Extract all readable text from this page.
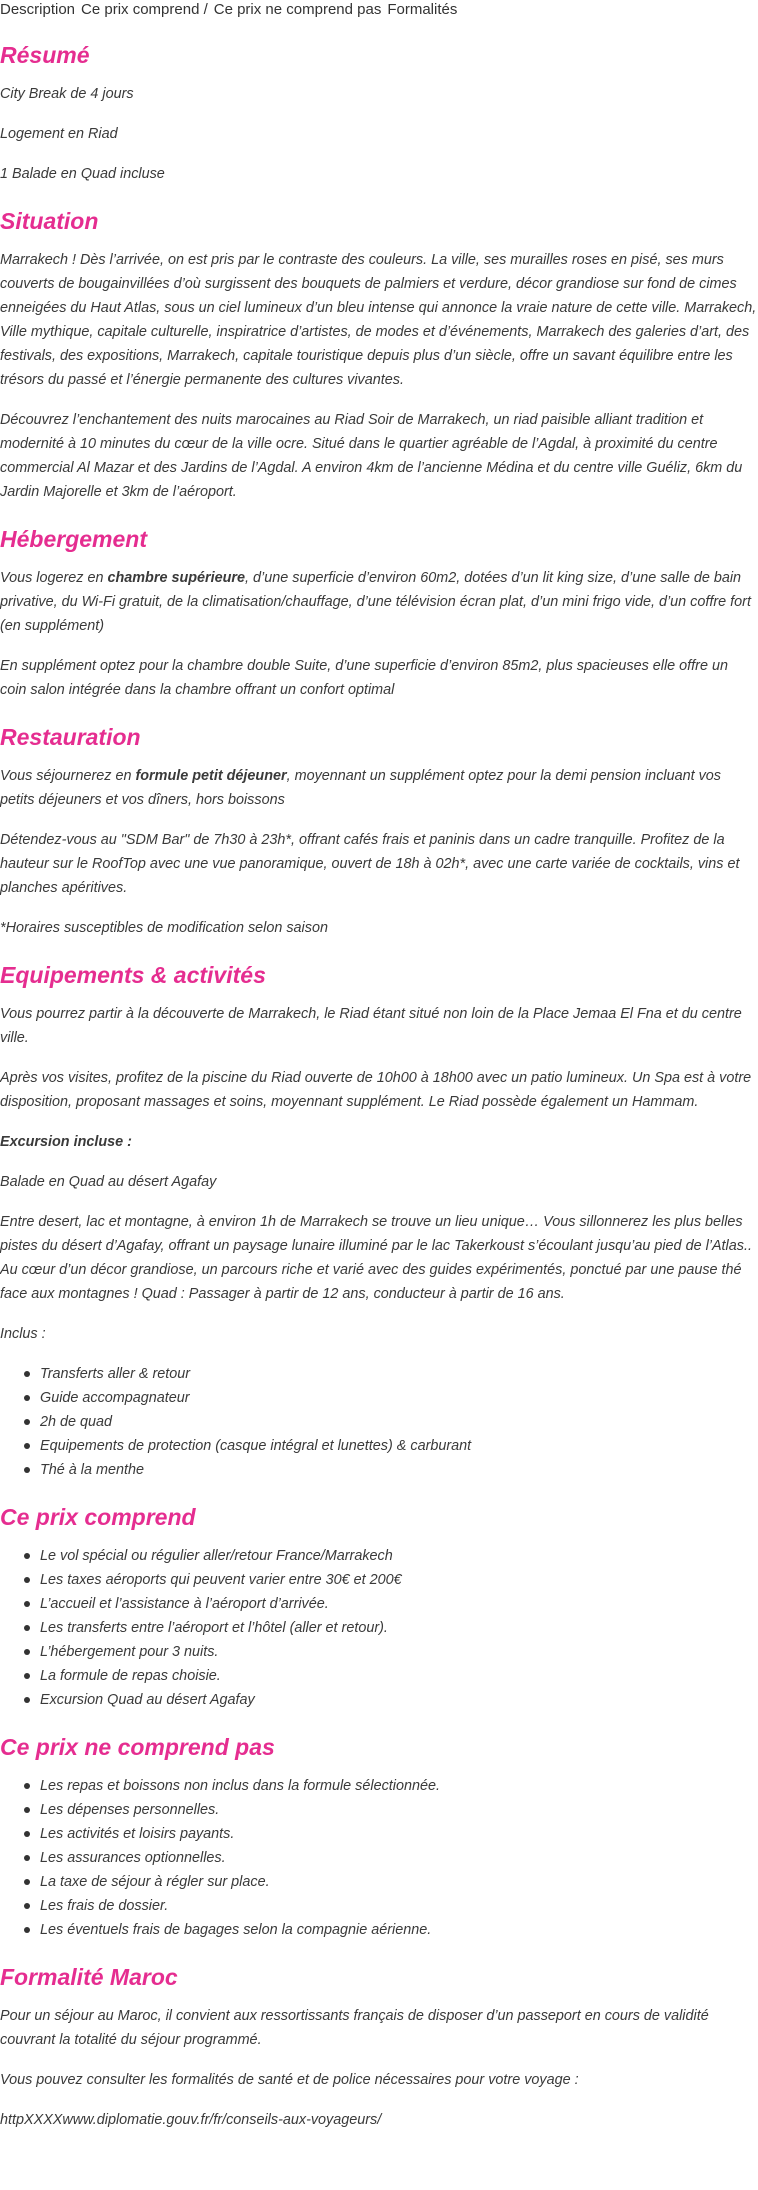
Description Ce prix comprend / Ce prix ne comprend pas Formalités
Résumé

City Break de 4 jours

Logement en Riad

1 Balade en Quad incluse

Situation

Marrakech ! Dès l’arrivée, on est pris par le contraste des couleurs. La ville, ses murailles roses en pisé, ses murs couverts de bougainvillées d’où surgissent des bouquets de palmiers et verdure, décor grandiose sur fond de cimes enneigées du Haut Atlas, sous un ciel lumineux d’un bleu intense qui annonce la vraie nature de cette ville. Marrakech, Ville mythique, capitale culturelle, inspiratrice d’artistes, de modes et d’événements, Marrakech des galeries d’art, des festivals, des expositions, Marrakech, capitale touristique depuis plus d’un siècle, offre un savant équilibre entre les trésors du passé et l’énergie permanente des cultures vivantes.

Découvrez l’enchantement des nuits marocaines au Riad Soir de Marrakech, un riad paisible alliant tradition et modernité à 10 minutes du cœur de la ville ocre. Situé dans le quartier agréable de l’Agdal, à proximité du centre commercial Al Mazar et des Jardins de l’Agdal. A environ 4km de l’ancienne Médina et du centre ville Guéliz, 6km du Jardin Majorelle et 3km de l’aéroport.

Hébergement

Vous logerez en chambre supérieure, d’une superficie d’environ 60m2, dotées d’un lit king size, d’une salle de bain privative, du Wi-Fi gratuit, de la climatisation/chauffage, d’une télévision écran plat, d’un mini frigo vide, d’un coffre fort (en supplément)

En supplément optez pour la chambre double Suite, d’une superficie d’environ 85m2, plus spacieuses elle offre un coin salon intégrée dans la chambre offrant un confort optimal

Restauration

Vous séjournerez en formule petit déjeuner, moyennant un supplément optez pour la demi pension incluant vos petits déjeuners et vos dîners, hors boissons

Détendez-vous au "SDM Bar" de 7h30 à 23h*, offrant cafés frais et paninis dans un cadre tranquille. Profitez de la hauteur sur le RoofTop avec une vue panoramique, ouvert de 18h à 02h*, avec une carte variée de cocktails, vins et planches apéritives.

*Horaires susceptibles de modification selon saison

Equipements & activités

Vous pourrez partir à la découverte de Marrakech, le Riad étant situé non loin de la Place Jemaa El Fna et du centre ville.

Après vos visites, profitez de la piscine du Riad ouverte de 10h00 à 18h00 avec un patio lumineux. Un Spa est à votre disposition, proposant massages et soins, moyennant supplément. Le Riad possède également un Hammam.

Excursion incluse :

Balade en Quad au désert Agafay

Entre desert, lac et montagne, à environ 1h de Marrakech se trouve un lieu unique… Vous sillonnerez les plus belles pistes du désert d’Agafay, offrant un paysage lunaire illuminé par le lac Takerkoust s’écoulant jusqu’au pied de l’Atlas.. Au cœur d’un décor grandiose, un parcours riche et varié avec des guides expérimentés, ponctué par une pause thé face aux montagnes ! Quad : Passager à partir de 12 ans, conducteur à partir de 16 ans.

Inclus :

Transferts aller & retour
Guide accompagnateur
2h de quad
Equipements de protection (casque intégral et lunettes) & carburant
Thé à la menthe
Ce prix comprend
Le vol spécial ou régulier aller/retour France/Marrakech
Les taxes aéroports qui peuvent varier entre 30€ et 200€
L’accueil et l’assistance à l’aéroport d’arrivée.
Les transferts entre l’aéroport et l’hôtel (aller et retour).
L’hébergement pour 3 nuits.
La formule de repas choisie.
Excursion Quad au désert Agafay
Ce prix ne comprend pas
Les repas et boissons non inclus dans la formule sélectionnée.
Les dépenses personnelles.
Les activités et loisirs payants.
Les assurances optionnelles.
La taxe de séjour à régler sur place.
Les frais de dossier.
Les éventuels frais de bagages selon la compagnie aérienne.
Formalité Maroc

Pour un séjour au Maroc, il convient aux ressortissants français de disposer d’un passeport en cours de validité couvrant la totalité du séjour programmé.

Vous pouvez consulter les formalités de santé et de police nécessaires pour votre voyage :

httpXXXXwww.diplomatie.gouv.fr/fr/conseils-aux-voyageurs/
